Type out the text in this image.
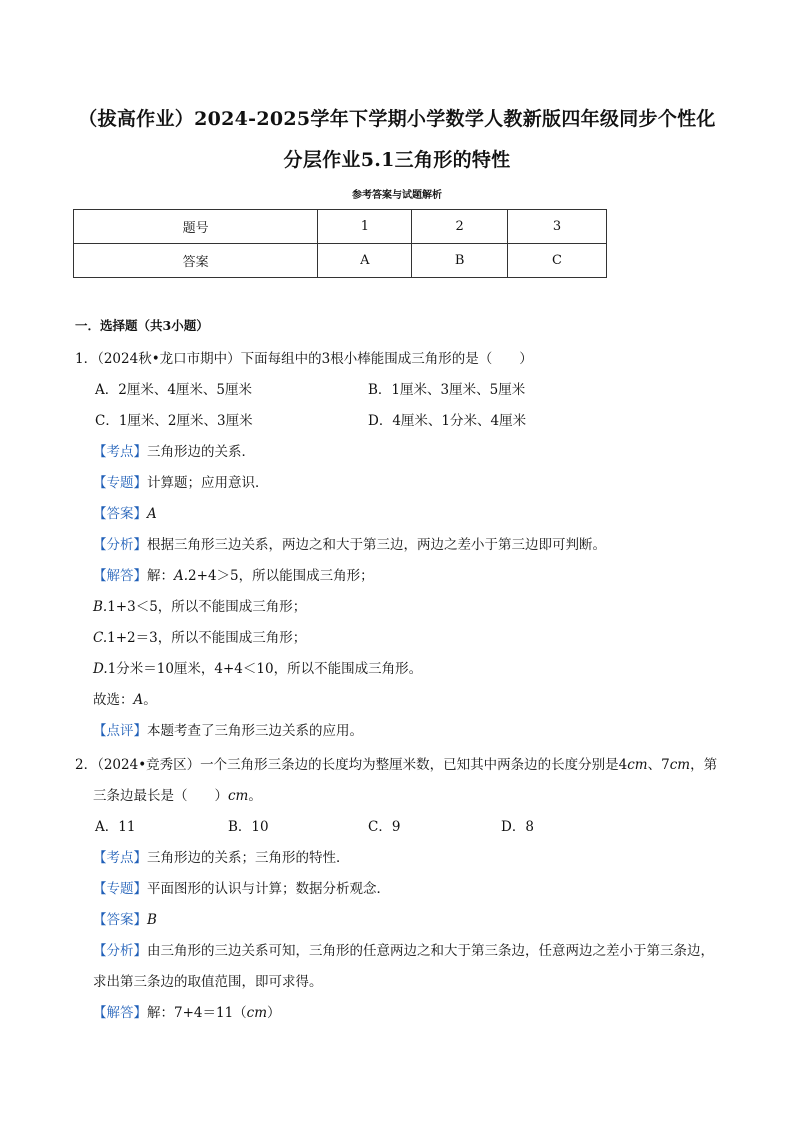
（拔高作业）2024-2025学年下学期小学数学人教新版四年级同步个性化
分层作业5.1三角形的特性
参考答案与试题解析
题号	1	2	3
答案	A	B	C
一．选择题（共3小题）
1．（2024秋•龙口市期中）下面每组中的3根小棒能围成三角形的是（　　）
A．2厘米、4厘米、5厘米	B．1厘米、3厘米、5厘米
C．1厘米、2厘米、3厘米	D．4厘米、1分米、4厘米
【考点】三角形边的关系．
【专题】计算题；应用意识．
【答案】A
【分析】根据三角形三边关系，两边之和大于第三边，两边之差小于第三边即可判断。
【解答】解：A.2+4＞5，所以能围成三角形；
B.1+3＜5，所以不能围成三角形；
C.1+2＝3，所以不能围成三角形；
D.1分米＝10厘米，4+4＜10，所以不能围成三角形。
故选：A。
【点评】本题考查了三角形三边关系的应用。
2．（2024•竞秀区）一个三角形三条边的长度均为整厘米数，已知其中两条边的长度分别是4cm、7cm，第
三条边最长是（　　）cm。
A．11	B．10	C．9	D．8
【考点】三角形边的关系；三角形的特性．
【专题】平面图形的认识与计算；数据分析观念．
【答案】B
【分析】由三角形的三边关系可知，三角形的任意两边之和大于第三条边，任意两边之差小于第三条边，
求出第三条边的取值范围，即可求得。
【解答】解：7+4＝11（cm）
